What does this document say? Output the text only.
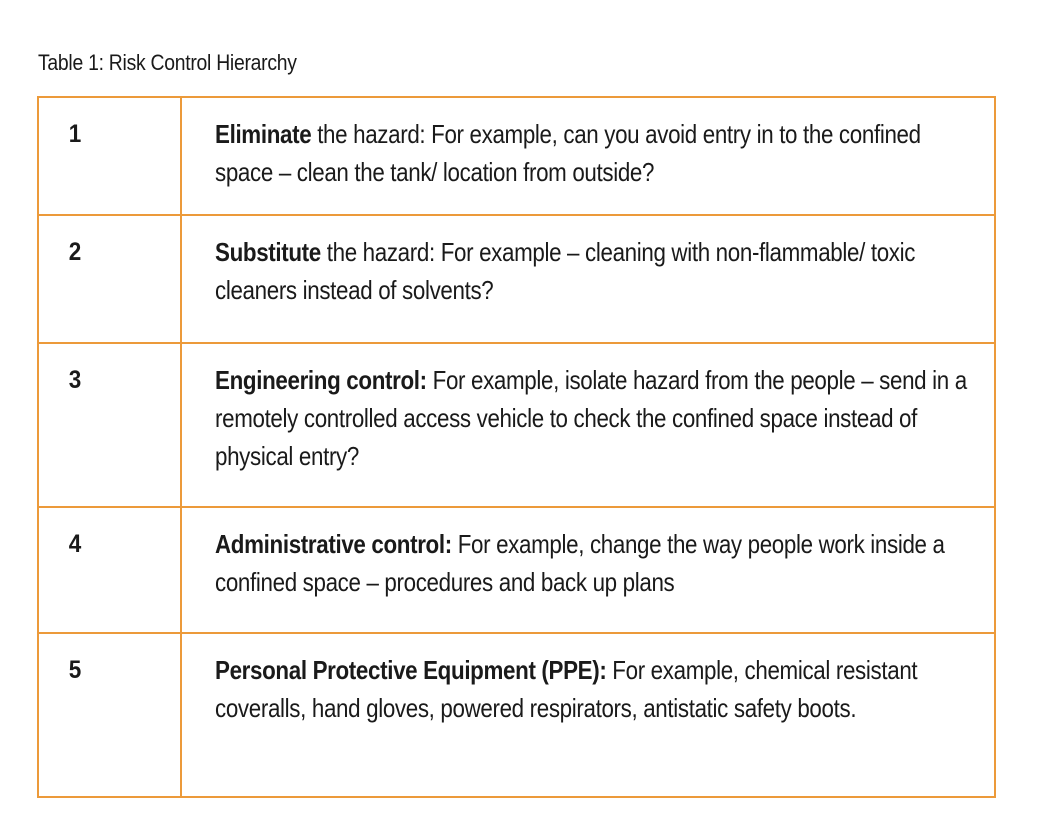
Table 1: Risk Control Hierarchy
1	Eliminate the hazard: For example, can you avoid entry in to the confined space – clean the tank/ location from outside?

2	Substitute the hazard: For example – cleaning with non-flammable/ toxic cleaners instead of solvents?

3	Engineering control: For example, isolate hazard from the people – send in a remotely controlled access vehicle to check the confined space instead of physical entry?

4	Administrative control: For example, change the way people work inside a confined space – procedures and back up plans

5	Personal Protective Equipment (PPE): For example, chemical resistant coveralls, hand gloves, powered respirators, antistatic safety boots.
